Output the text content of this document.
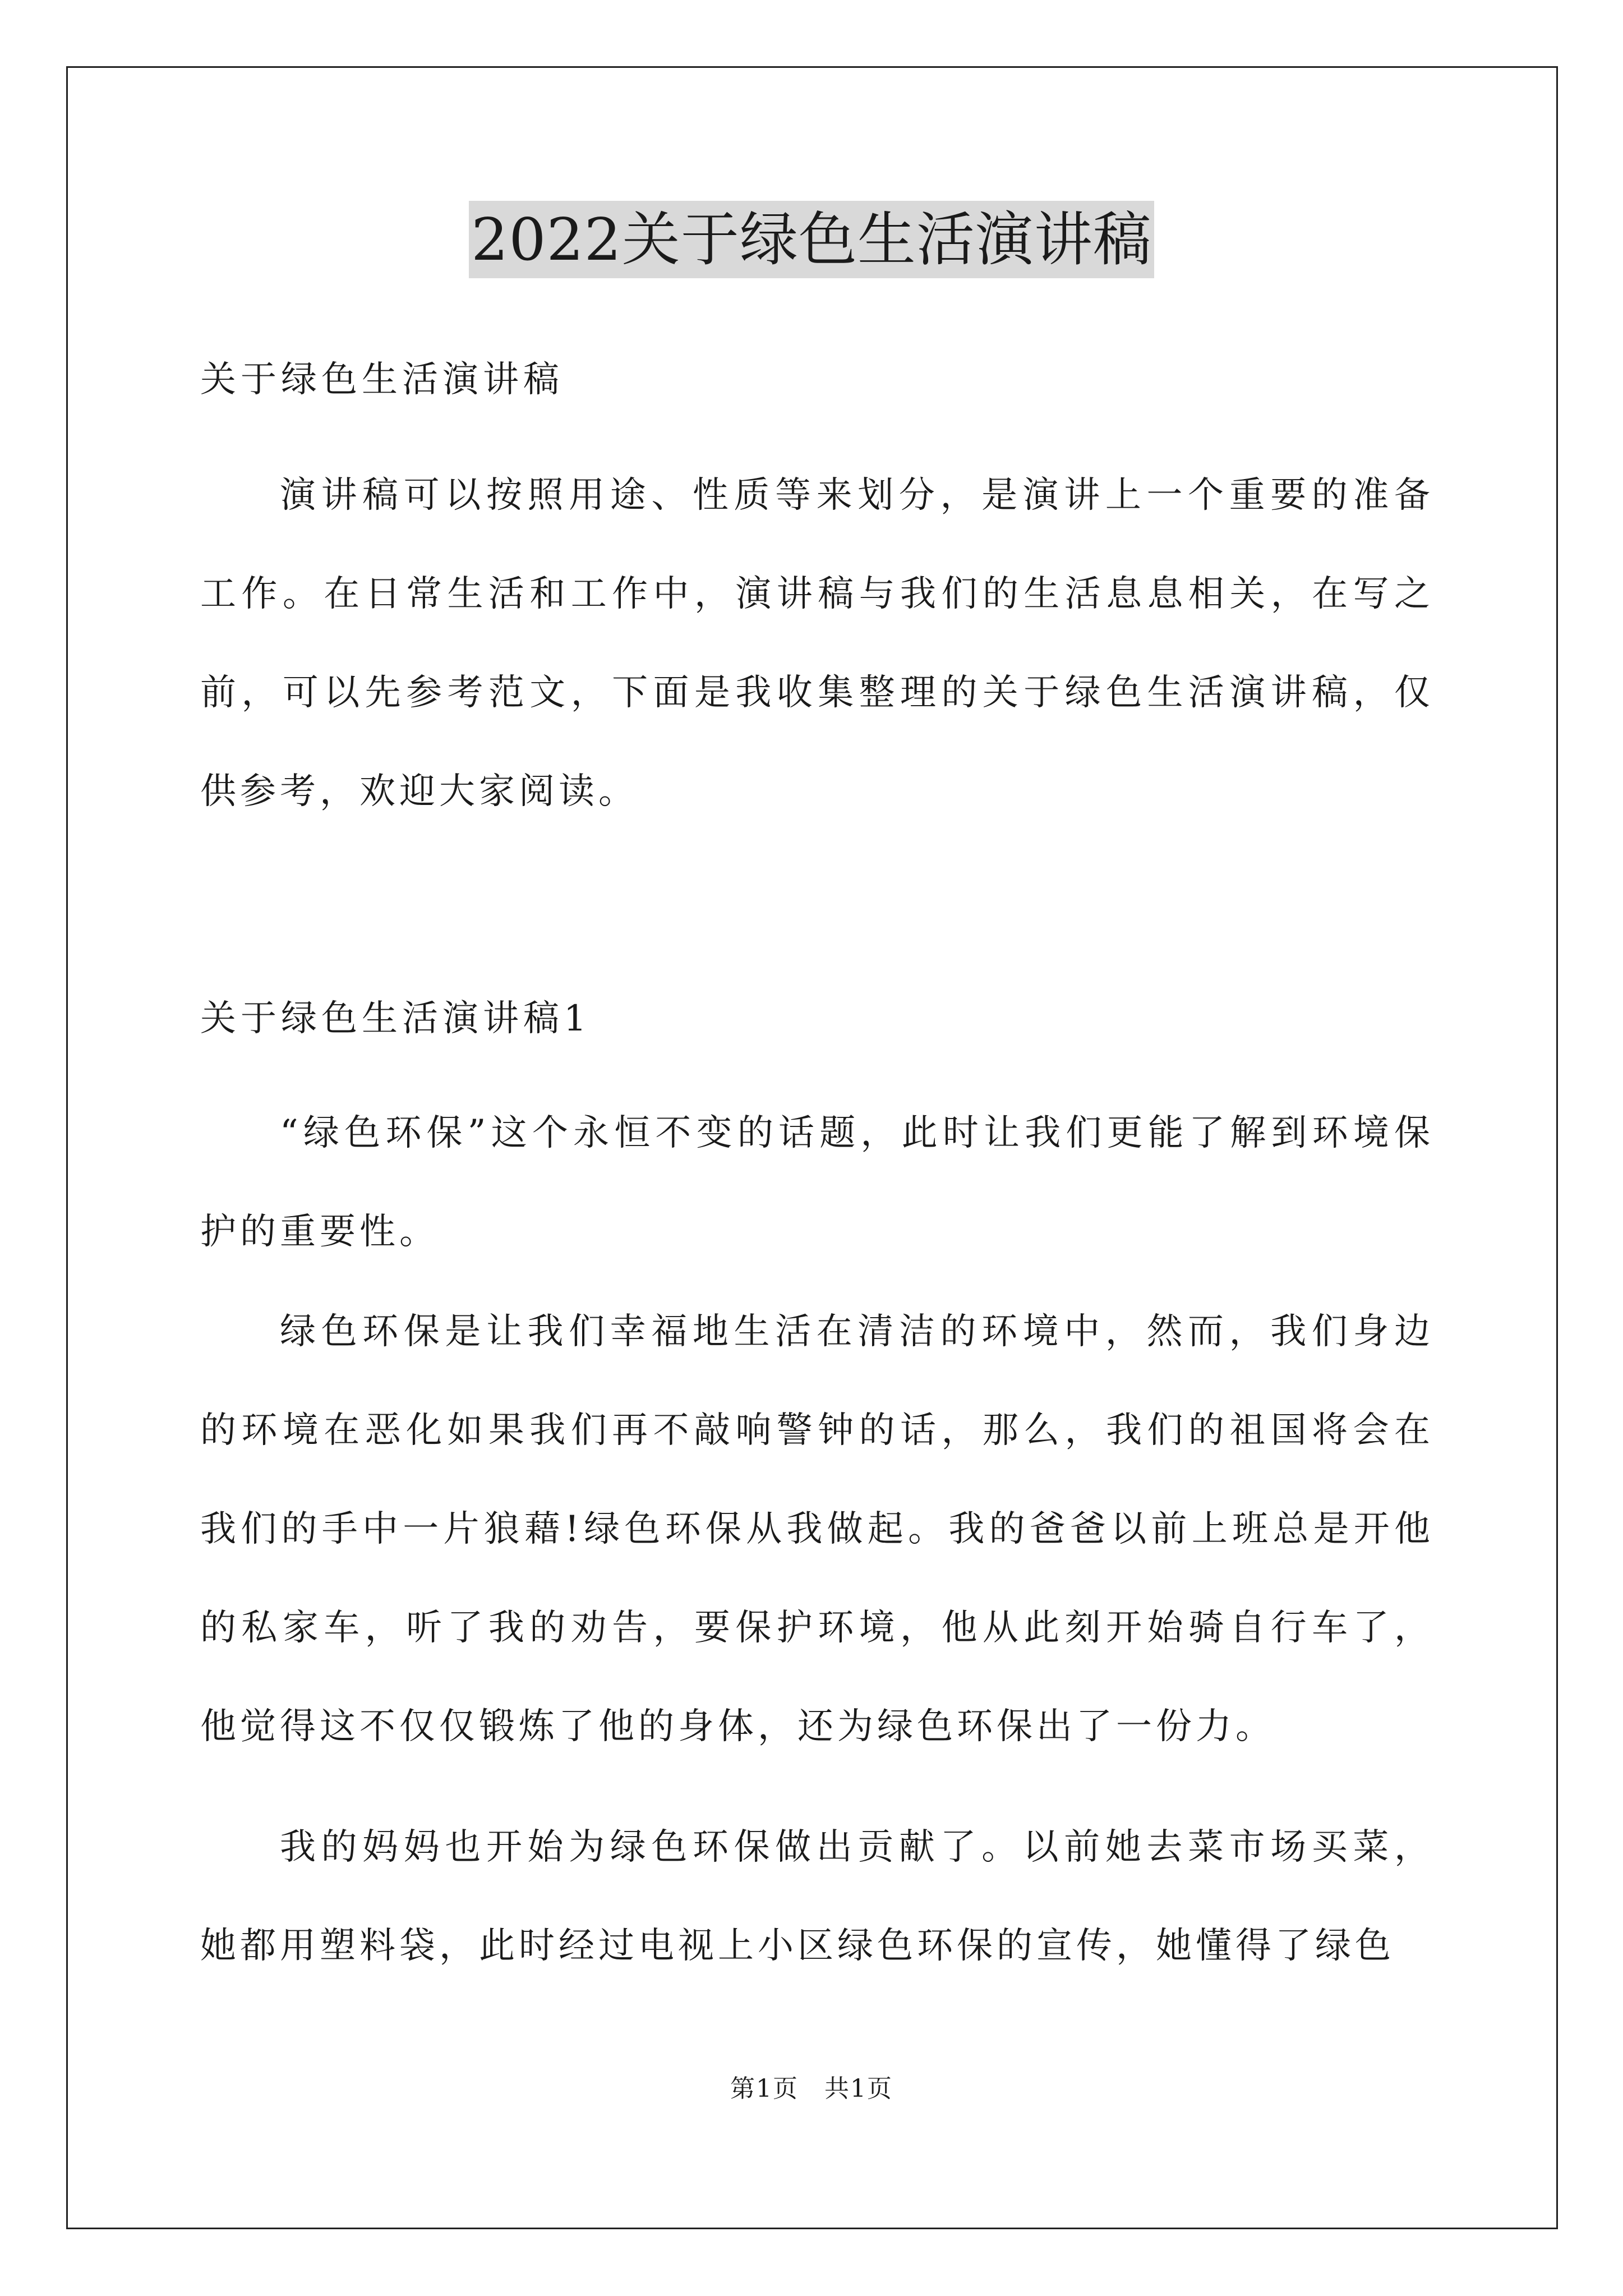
2022关于绿色生活演讲稿

关于绿色生活演讲稿

演讲稿可以按照用途、性质等来划分，是演讲上一个重要的准备工作。在日常生活和工作中，演讲稿与我们的生活息息相关，在写之前，可以先参考范文，下面是我收集整理的关于绿色生活演讲稿，仅供参考，欢迎大家阅读。

关于绿色生活演讲稿1

“绿色环保”这个永恒不变的话题，此时让我们更能了解到环境保护的重要性。

绿色环保是让我们幸福地生活在清洁的环境中，然而，我们身边的环境在恶化如果我们再不敲响警钟的话，那么，我们的祖国将会在我们的手中一片狼藉!绿色环保从我做起。我的爸爸以前上班总是开他的私家车，听了我的劝告，要保护环境，他从此刻开始骑自行车了，他觉得这不仅仅锻炼了他的身体，还为绿色环保出了一份力。

我的妈妈也开始为绿色环保做出贡献了。以前她去菜市场买菜，她都用塑料袋，此时经过电视上小区绿色环保的宣传，她懂得了绿色

第1页　共1页
